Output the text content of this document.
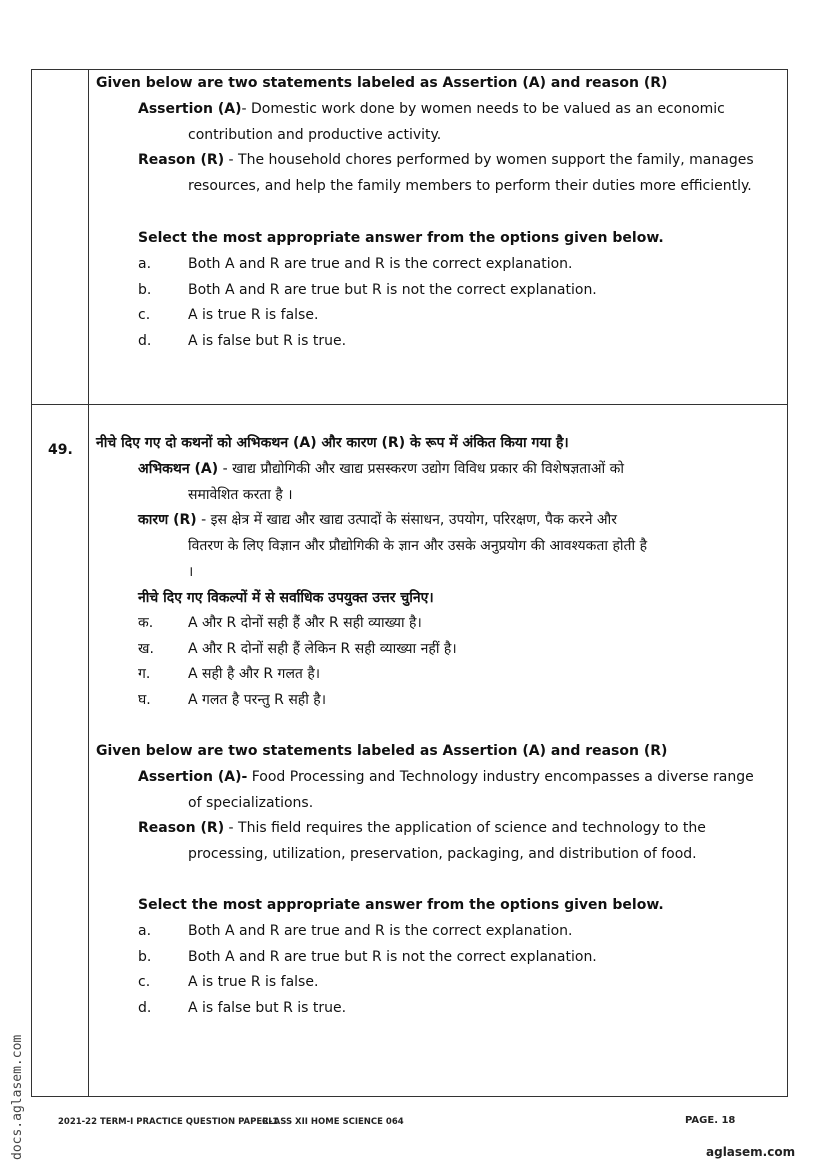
Given below are two statements labeled as Assertion (A) and reason (R)
Assertion (A)- Domestic work done by women needs to be valued as an economic
contribution and productive activity.
Reason (R) - The household chores performed by women support the family, manages
resources, and help the family members to perform their duties more efficiently.
Select the most appropriate answer from the options given below.
a.	Both A and R are true and R is the correct explanation.
b.	Both A and R are true but R is not the correct explanation.
c.	A is true R is false.
d.	A is false but R is true.
49. नीचे दिए गए दो कथनों को अभिकथन (A) और कारण (R) के रूप में अंकित किया गया है।
अभिकथन (A) - खाद्य प्रौद्योगिकी और खाद्य प्रसस्करण उद्योग विविध प्रकार की विशेषज्ञताओं को
समावेशित करता है ।
कारण (R) - इस क्षेत्र में खाद्य और खाद्य उत्पादों के संसाधन, उपयोग, परिरक्षण, पैक करने और
वितरण के लिए विज्ञान और प्रौद्योगिकी के ज्ञान और उसके अनुप्रयोग की आवश्यकता होती है
।
नीचे दिए गए विकल्पों में से सर्वाधिक उपयुक्त उत्तर चुनिए।
क. A और R दोनों सही हैं और R सही व्याख्या है।
ख. A और R दोनों सही हैं लेकिन R सही व्याख्या नहीं है।
ग.	A सही है और R गलत है।
घ.	A गलत है परन्तु R सही है।
Given below are two statements labeled as Assertion (A) and reason (R)
Assertion (A)- Food Processing and Technology industry encompasses a diverse range
of specializations.
Reason (R) - This field requires the application of science and technology to the
processing, utilization, preservation, packaging, and distribution of food.
Select the most appropriate answer from the options given below.
a.	Both A and R are true and R is the correct explanation.
b.	Both A and R are true but R is not the correct explanation.
c.	A is true R is false.
d.	A is false but R is true.
docs.aglasem.com	2021-22 TERM-I PRACTICE QUESTION PAPER-1
CLASS XII HOME SCIENCE 064	PAGE. 18
aglasem.com
